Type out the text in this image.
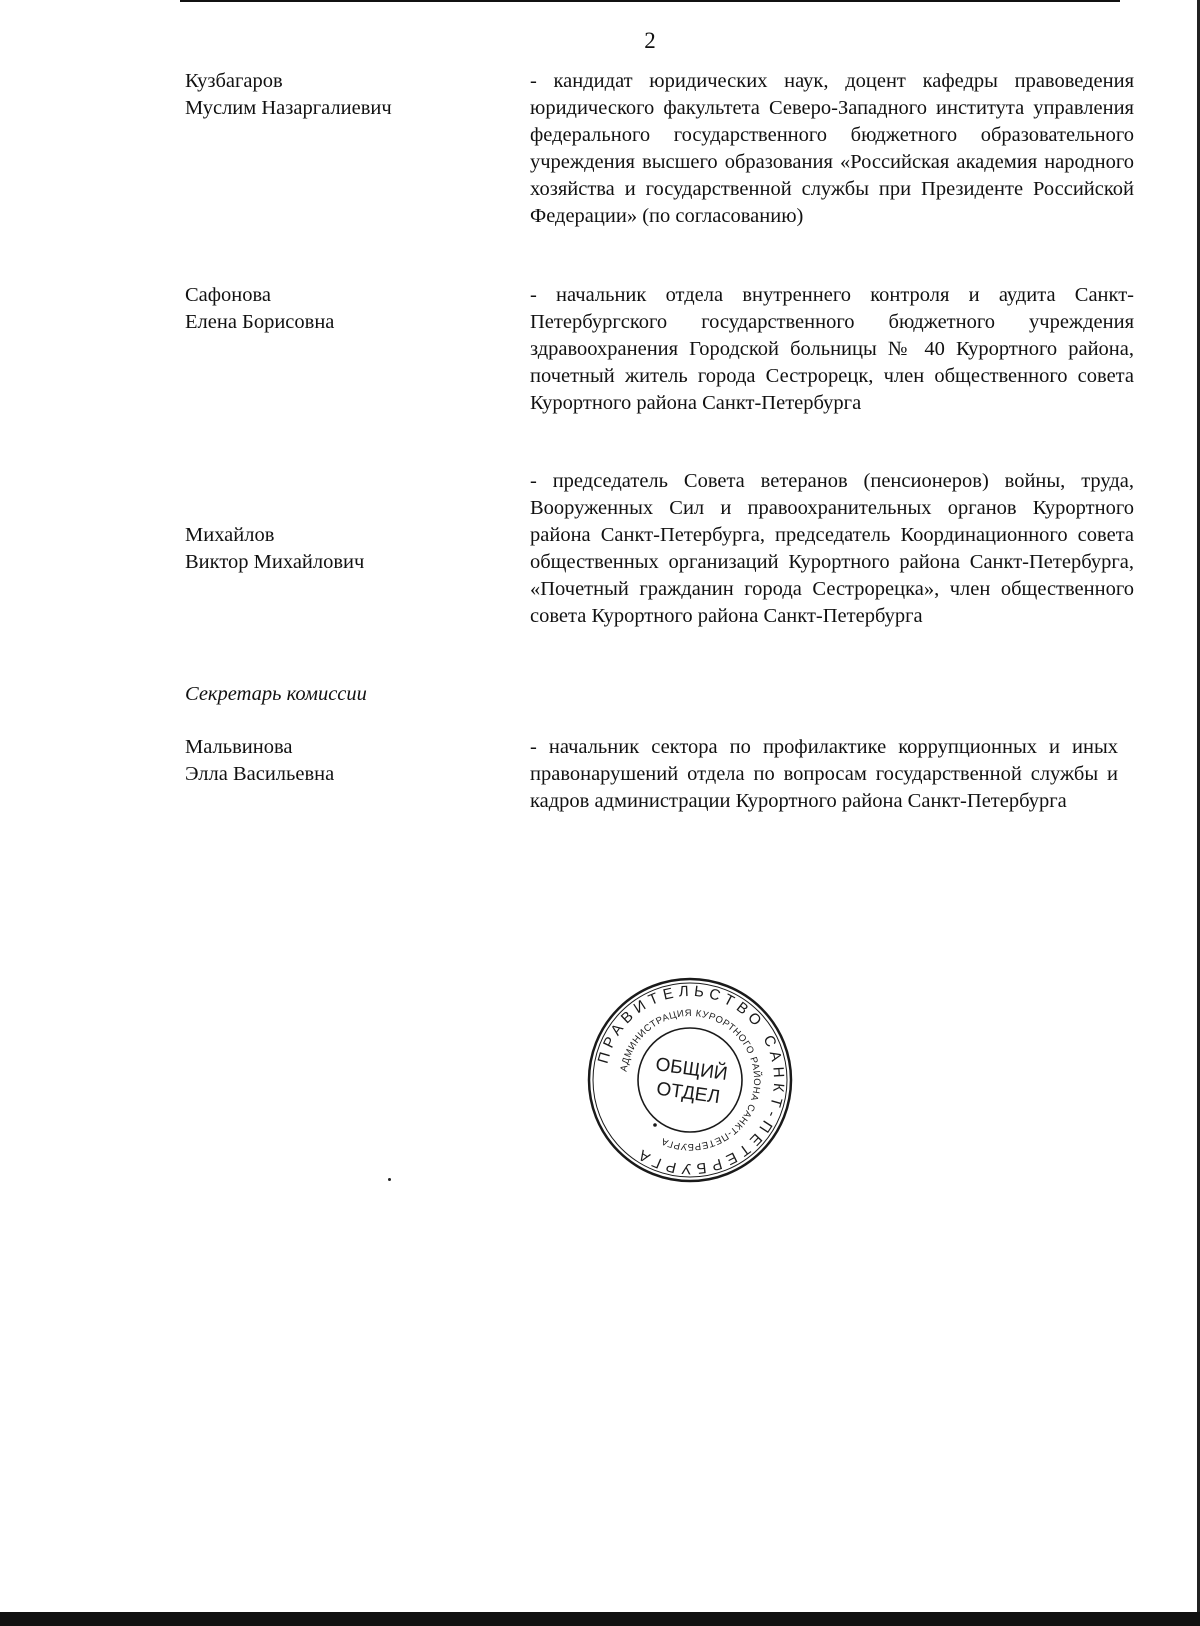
2
Кузбагаров
Муслим Назаргалиевич
- кандидат юридических наук, доцент кафедры правоведения юридического факультета Северо-Западного института управления федерального государственного бюджетного образовательного учреждения высшего образования «Российская академия народного хозяйства и государственной службы при Президенте Российской Федерации» (по согласованию)
Сафонова
Елена Борисовна
- начальник отдела внутреннего контроля и аудита Санкт-Петербургского государственного бюджетного учреждения здравоохранения Городской больницы № 40 Курортного района, почетный житель города Сестрорецк, член общественного совета Курортного района Санкт-Петербурга
Михайлов
Виктор Михайлович
- председатель Совета ветеранов (пенсионеров) войны, труда, Вооруженных Сил и правоохранительных органов Курортного района Санкт-Петербурга, председатель Координационного совета общественных организаций Курортного района Санкт-Петербурга, «Почетный гражданин города Сестрорецка», член общественного совета Курортного района Санкт-Петербурга
Секретарь комиссии
Мальвинова
Элла Васильевна
- начальник сектора по профилактике коррупционных и иных правонарушений отдела по вопросам государственной службы и кадров администрации Курортного района Санкт-Петербурга
ПРАВИТЕЛЬСТВО САНКТ-ПЕТЕРБУРГА
АДМИНИСТРАЦИЯ КУРОРТНОГО РАЙОНА САНКТ-ПЕТЕРБУРГА
ОБЩИЙ
ОТДЕЛ
